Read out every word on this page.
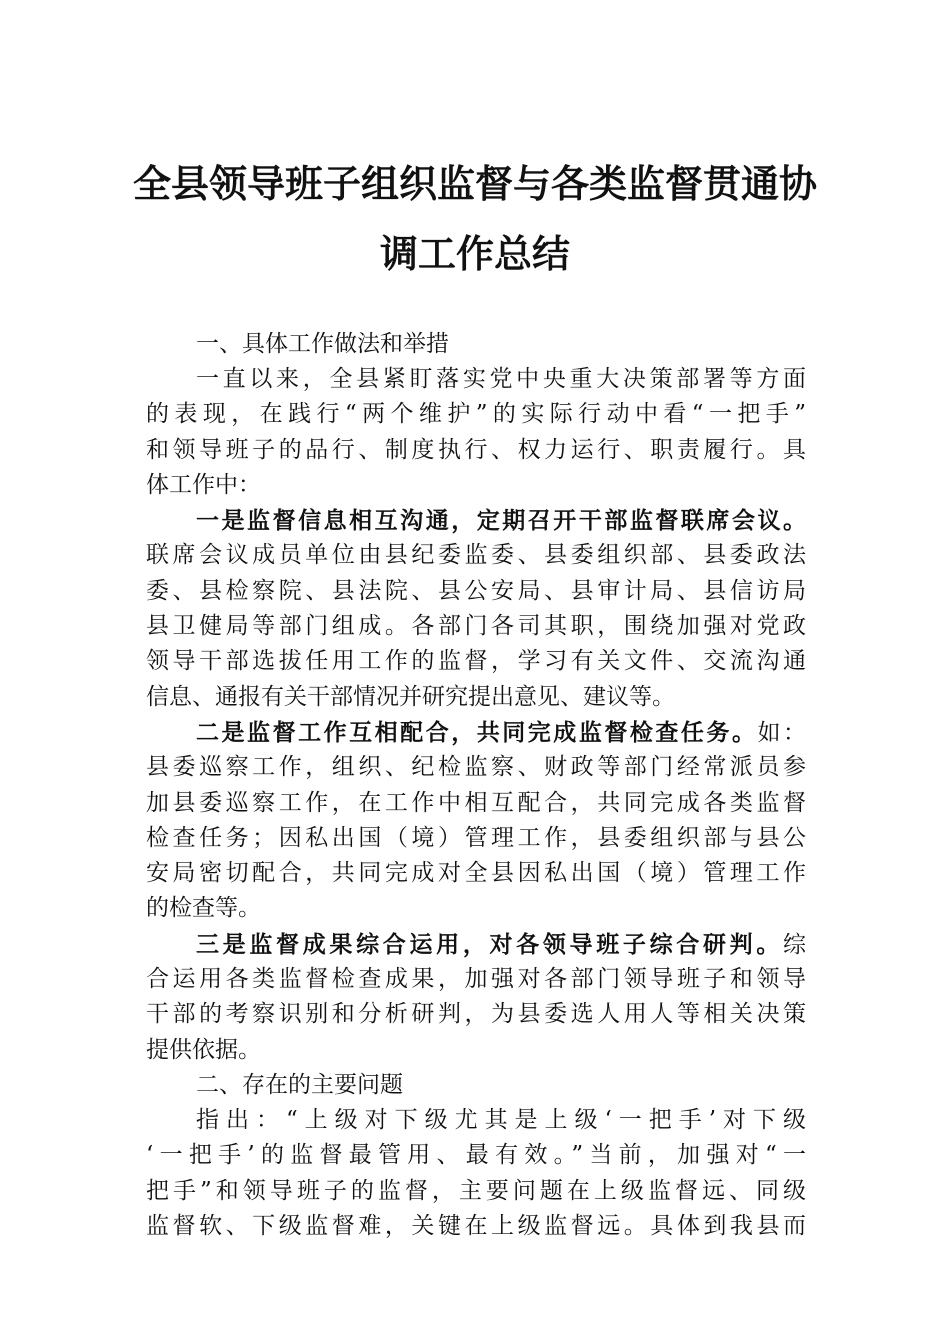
全县领导班子组织监督与各类监督贯通协
调工作总结

一、具体工作做法和举措

一直以来，全县紧盯落实党中央重大决策部署等方面
的表现，在践行“两个维护”的实际行动中看“一把手”
和领导班子的品行、制度执行、权力运行、职责履行。具
体工作中：
一是监督信息相互沟通，定期召开干部监督联席会议。
联席会议成员单位由县纪委监委、县委组织部、县委政法
委、县检察院、县法院、县公安局、县审计局、县信访局
县卫健局等部门组成。各部门各司其职，围绕加强对党政
领导干部选拔任用工作的监督，学习有关文件、交流沟通
信息、通报有关干部情况并研究提出意见、建议等。
二是监督工作互相配合，共同完成监督检查任务。如：
县委巡察工作，组织、纪检监察、财政等部门经常派员参
加县委巡察工作，在工作中相互配合，共同完成各类监督
检查任务；因私出国（境）管理工作，县委组织部与县公
安局密切配合，共同完成对全县因私出国（境）管理工作
的检查等。
三是监督成果综合运用，对各领导班子综合研判。综
合运用各类监督检查成果，加强对各部门领导班子和领导
干部的考察识别和分析研判，为县委选人用人等相关决策
提供依据。

二、存在的主要问题

指出：“上级对下级尤其是上级‘一把手’对下级
‘一把手’的监督最管用、最有效。”当前，加强对“一
把手”和领导班子的监督，主要问题在上级监督远、同级
监督软、下级监督难，关键在上级监督远。具体到我县而
